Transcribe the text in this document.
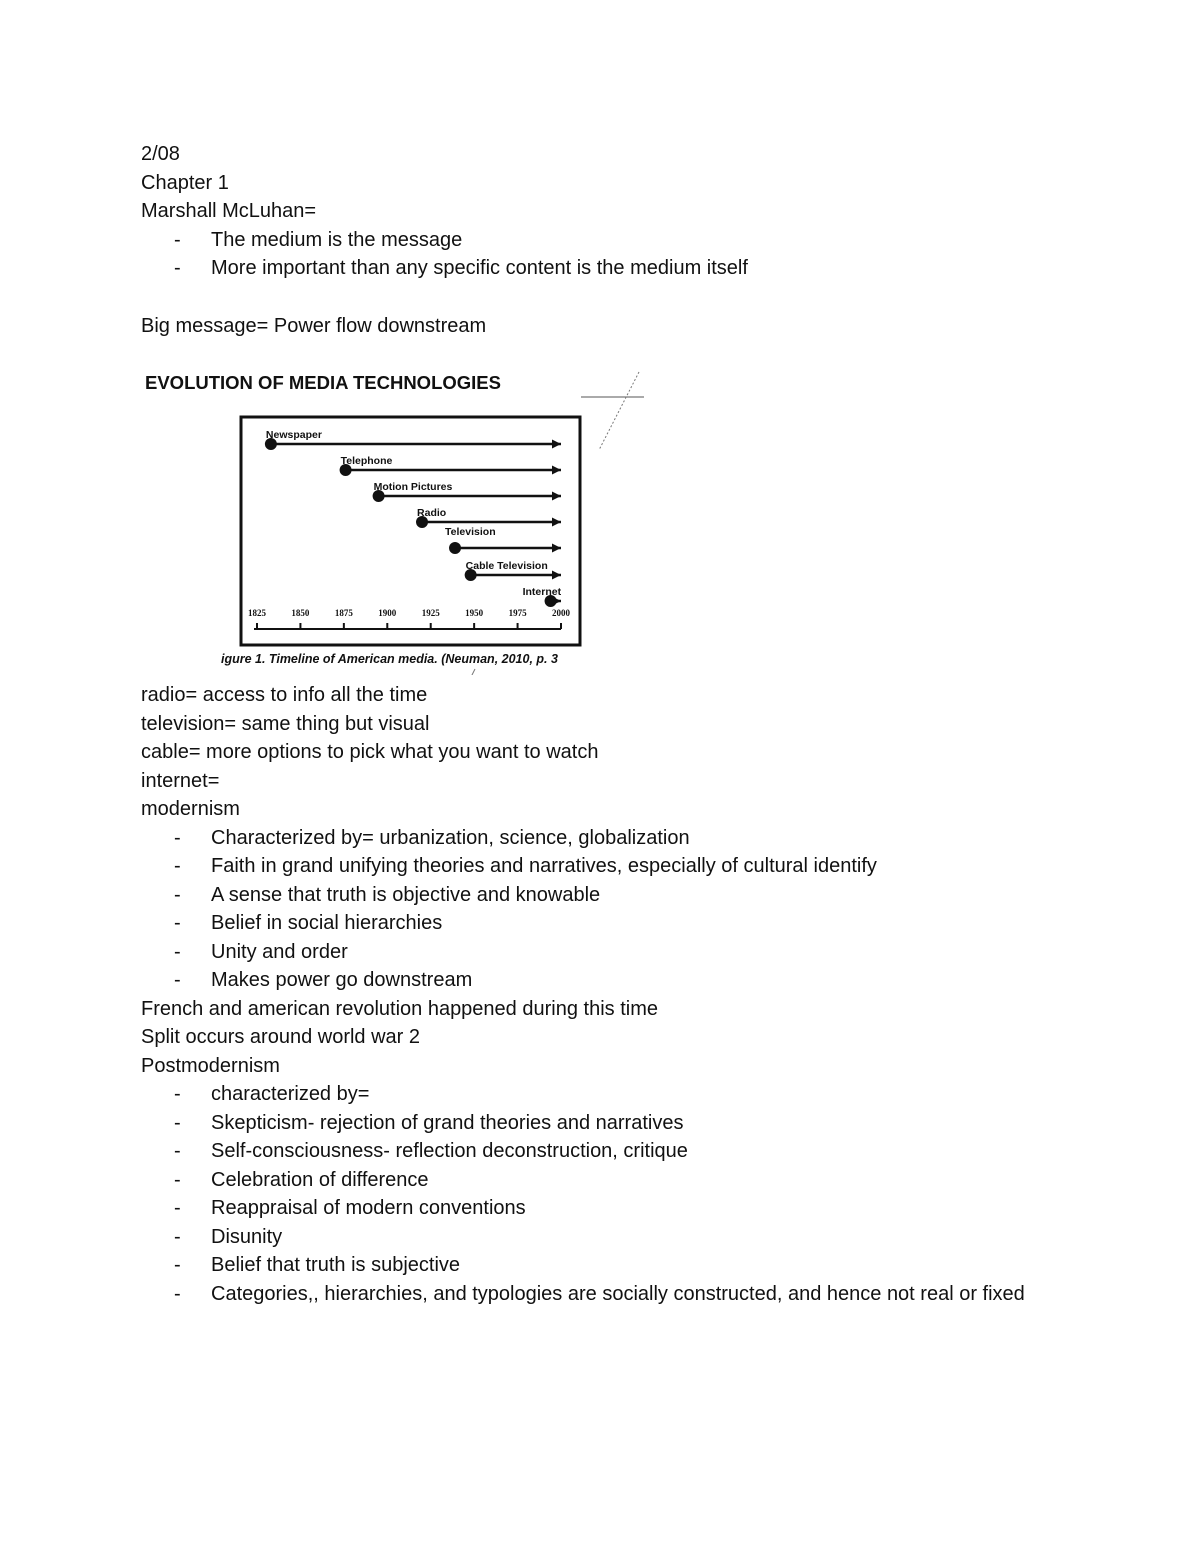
2/08
Chapter 1
Marshall McLuhan=
- The medium is the message
- More important than any specific content is the medium itself
Big message= Power flow downstream
EVOLUTION OF MEDIA TECHNOLOGIES
Newspaper
Telephone
Motion Pictures
Radio
Television
Cable Television
Internet
1825	1850	1875	1900	1925	1950	1975	2000
igure 1. Timeline of American media. (Neuman, 2010, p. 3
radio= access to info all the time
television= same thing but visual
cable= more options to pick what you want to watch
internet=
modernism
- Characterized by= urbanization, science, globalization
- Faith in grand unifying theories and narratives, especially of cultural identify
- A sense that truth is objective and knowable
- Belief in social hierarchies
- Unity and order
- Makes power go downstream
French and american revolution happened during this time
Split occurs around world war 2
Postmodernism
- characterized by=
- Skepticism- rejection of grand theories and narratives
- Self-consciousness- reflection deconstruction, critique
- Celebration of difference
- Reappraisal of modern conventions
- Disunity
- Belief that truth is subjective
- Categories,, hierarchies, and typologies are socially constructed, and hence not real or fixed
